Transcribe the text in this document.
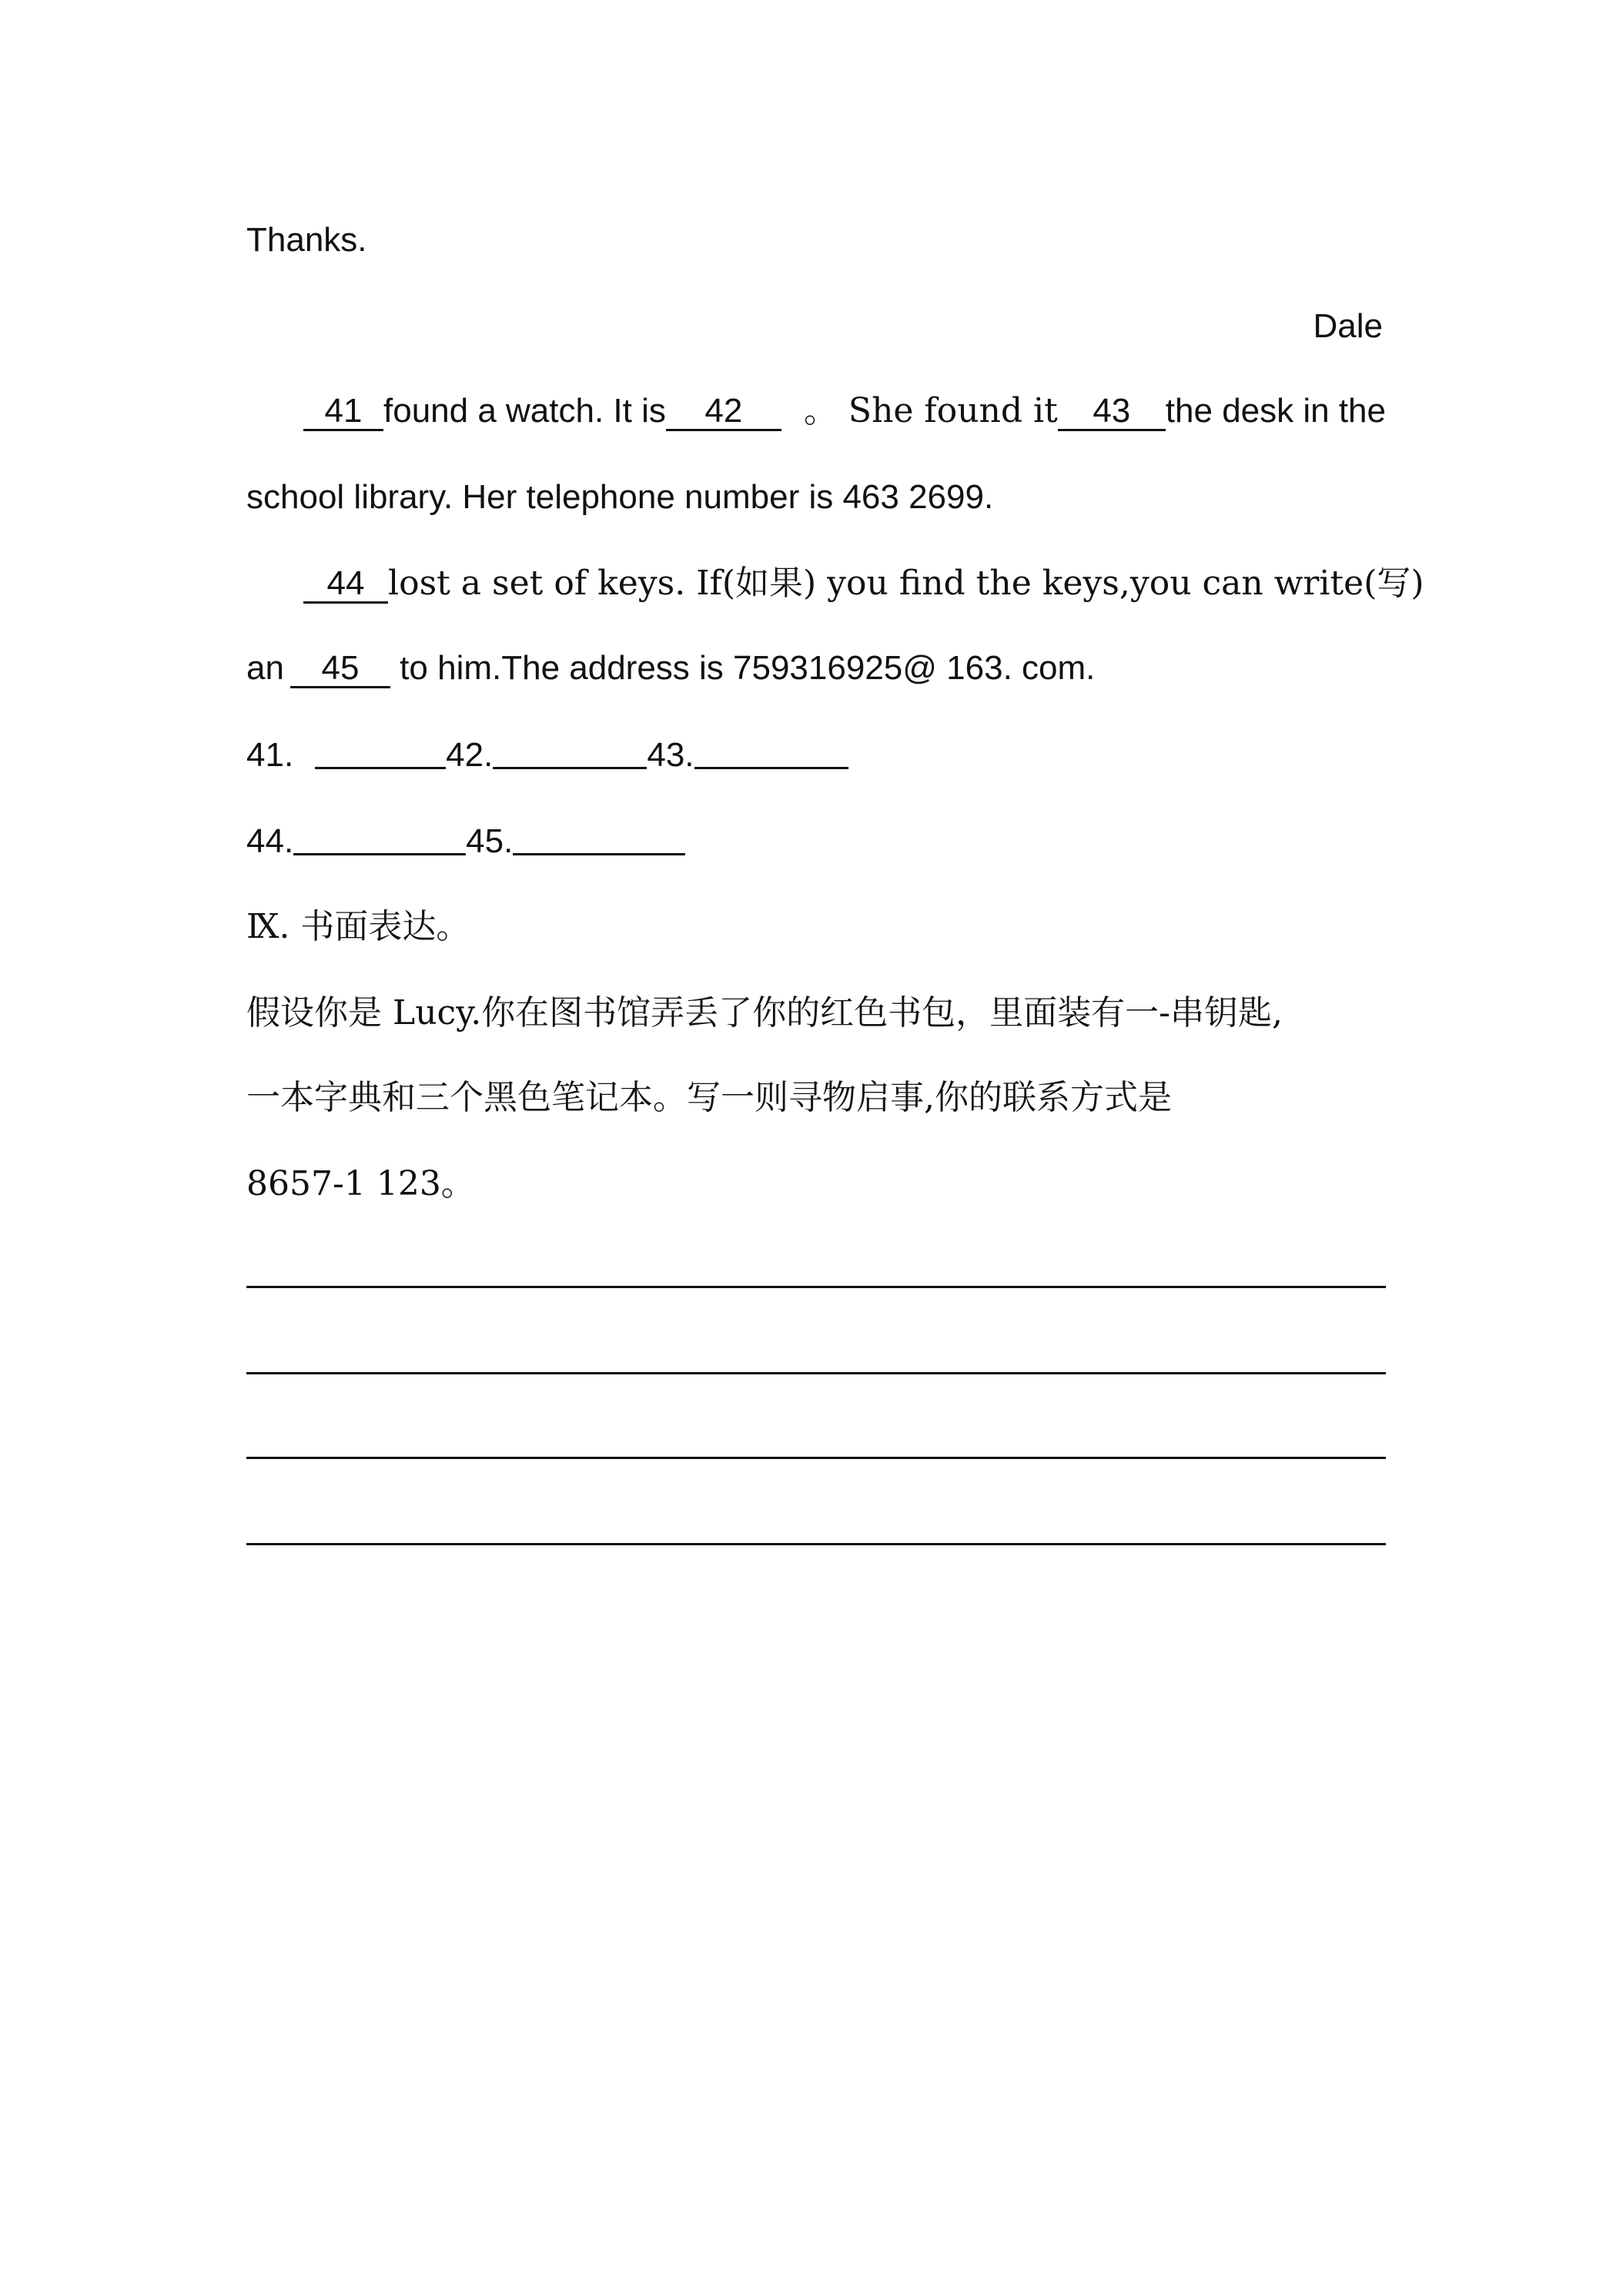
Thanks.
Dale
41 found a watch. It is 42	。 She found it 43 the desk in the
school library. Her telephone number is 463 2699.
44 lost a set of keys. If(如果) you find the keys,you can write(写)
an 45 to him.The address is 759316925@ 163. com.
41.	42.	43.
44.	45.
Ⅸ. 书面表达。
假设你是 Lucy.你在图书馆弄丢了你的红色书包，里面装有一-串钥匙,
一本字典和三个黑色笔记本。写一则寻物启事,你的联系方式是
8657-1 123。
